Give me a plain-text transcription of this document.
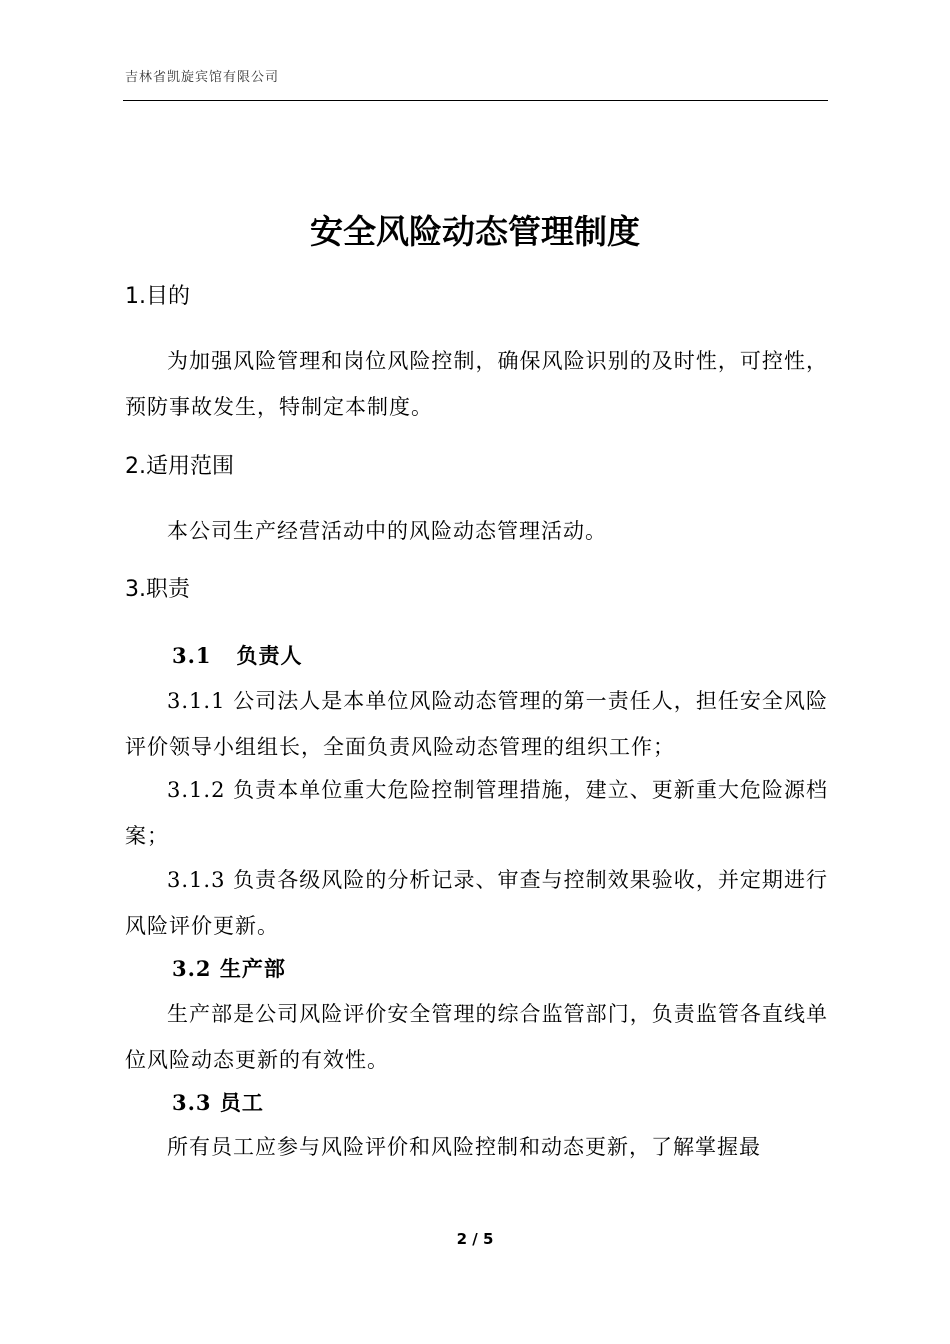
吉林省凯旋宾馆有限公司
安全风险动态管理制度
1.目的
为加强风险管理和岗位风险控制，确保风险识别的及时性，可控性，预防事故发生，特制定本制度。
2.适用范围
本公司生产经营活动中的风险动态管理活动。
3.职责
3.1   负责人
3.1.1 公司法人是本单位风险动态管理的第一责任人，担任安全风险评价领导小组组长，全面负责风险动态管理的组织工作；
3.1.2 负责本单位重大危险控制管理措施，建立、更新重大危险源档案；
3.1.3 负责各级风险的分析记录、审查与控制效果验收，并定期进行风险评价更新。
3.2 生产部
生产部是公司风险评价安全管理的综合监管部门，负责监管各直线单位风险动态更新的有效性。
3.3 员工
所有员工应参与风险评价和风险控制和动态更新，了解掌握最
2 / 5
